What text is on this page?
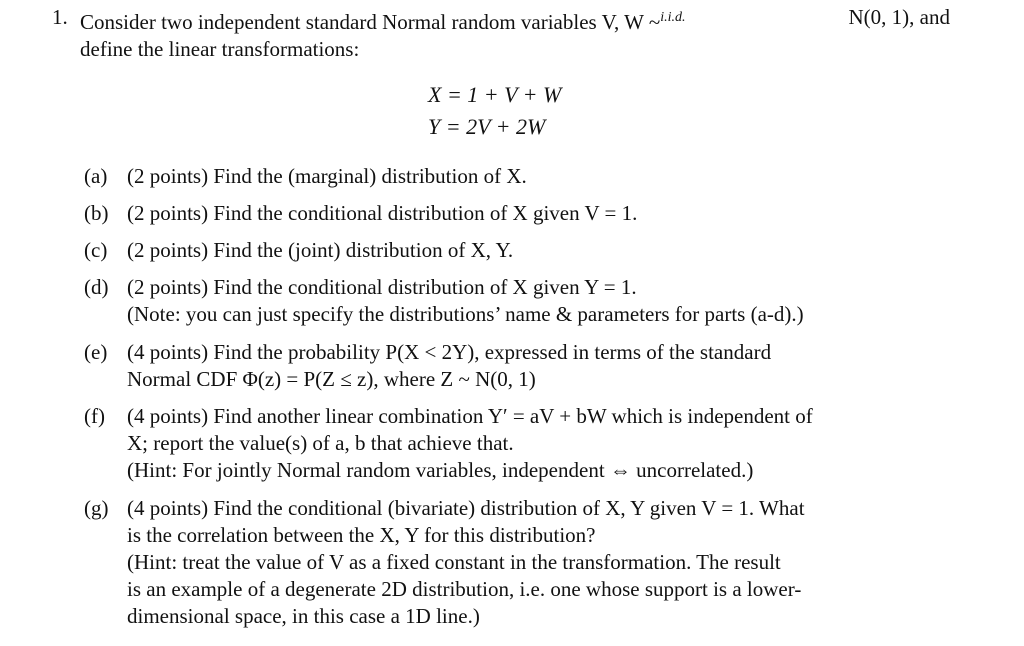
1. Consider two independent standard Normal random variables V, W ~$^{i.i.d.}$	N(0, 1), and
define the linear transformations:
X = 1 + V + W
Y = 2V + 2W
(a) (2 points) Find the (marginal) distribution of X.
(b) (2 points) Find the conditional distribution of X given V = 1.
(c) (2 points) Find the (joint) distribution of X, Y.
(d) (2 points) Find the conditional distribution of X given Y = 1.
(Note: you can just specify the distributions’ name & parameters for parts (a-d).)
(e) (4 points) Find the probability P(X < 2Y), expressed in terms of the standard
Normal CDF Φ(z) = P(Z ≤ z), where Z ~ N(0, 1)
(f)	(4 points) Find another linear combination Y′ = aV + bW which is independent of
X; report the value(s) of a, b that achieve that.
(Hint: For jointly Normal random variables, independent ⇔ uncorrelated.)
(g) (4 points) Find the conditional (bivariate) distribution of X, Y given V = 1. What
is the correlation between the X, Y for this distribution?
(Hint: treat the value of V as a fixed constant in the transformation. The result
is an example of a degenerate 2D distribution, i.e. one whose support is a lower-
dimensional space, in this case a 1D line.)
